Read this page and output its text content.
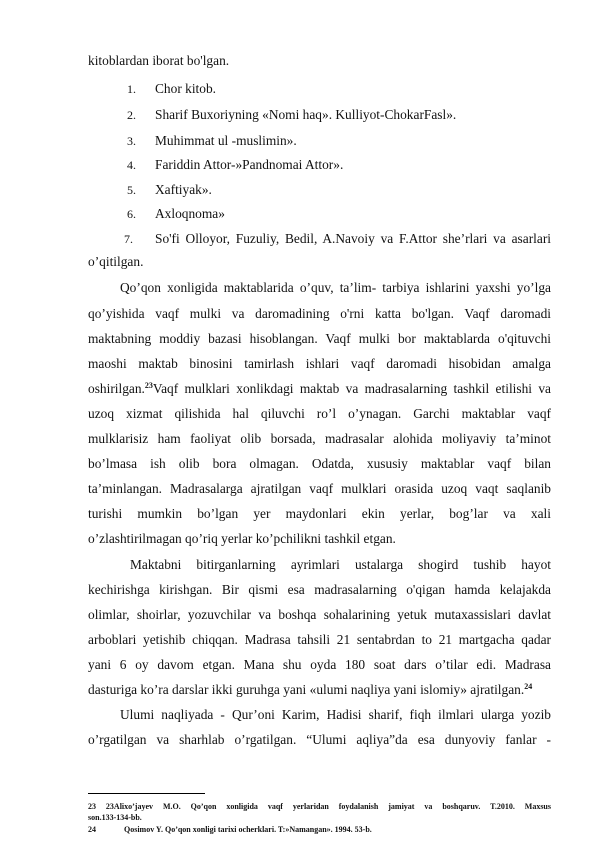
kitoblardan iborat bo'lgan.
1. Chor kitob.
2. Sharif Buxoriyning «Nomi haq». Kulliyot-ChokarFasl».
3. Muhimmat ul -muslimin».
4. Fariddin Attor-»Pandnomai Attor».
5. Xaftiyak».
6. Axloqnoma»
7. So'fi Olloyor, Fuzuliy, Bedil, A.Navoiy va F.Attor she’rlari va asarlari
o’qitilgan.
Qo’qon xonligida maktablarida o’quv, ta’lim- tarbiya ishlarini yaxshi yo’lga
qo’yishida vaqf mulki va daromadining o'rni katta bo'lgan. Vaqf daromadi
maktabning moddiy bazasi hisoblangan. Vaqf mulki bor maktablarda o'qituvchi
maoshi maktab binosini tamirlash ishlari vaqf daromadi hisobidan amalga
oshirilgan.$^{23}$Vaqf mulklari xonlikdagi maktab va madrasalarning tashkil etilishi va
uzoq xizmat qilishida hal qiluvchi ro’l o’ynagan. Garchi maktablar vaqf
mulklarisiz ham faoliyat olib borsada, madrasalar alohida moliyaviy ta’minot
bo’lmasa ish olib bora olmagan. Odatda, xususiy maktablar vaqf bilan
ta’minlangan. Madrasalarga ajratilgan vaqf mulklari orasida uzoq vaqt saqlanib
turishi mumkin bo’lgan yer maydonlari ekin yerlar, bog’lar va xali
o’zlashtirilmagan qo’riq yerlar ko’pchilikni tashkil etgan.
Maktabni bitirganlarning ayrimlari ustalarga shogird tushib hayot
kechirishga kirishgan. Bir qismi esa madrasalarning o'qigan hamda kelajakda
olimlar, shoirlar, yozuvchilar va boshqa sohalarining yetuk mutaxassislari davlat
arboblari yetishib chiqqan. Madrasa tahsili 21 sentabrdan to 21 martgacha qadar
yani 6 oy davom etgan. Mana shu oyda 180 soat dars o’tilar edi. Madrasa
dasturiga ko’ra darslar ikki guruhga yani «ulumi naqliya yani islomiy» ajratilgan.$^{24}$
Ulumi naqliyada - Qur’oni Karim, Hadisi sharif, fiqh ilmlari ularga yozib
o’rgatilgan va sharhlab o’rgatilgan. “Ulumi aqliya”da esa dunyoviy fanlar -
23 23Alixo’jayev M.O. Qo’qon xonligida vaqf yerlaridan foydalanish jamiyat va boshqaruv. T.2010. Maxsus
son.133-134-bb.
24	Qosimov Y. Qo’qon xonligi tarixi ocherklari. T:»Namangan». 1994. 53-b.
